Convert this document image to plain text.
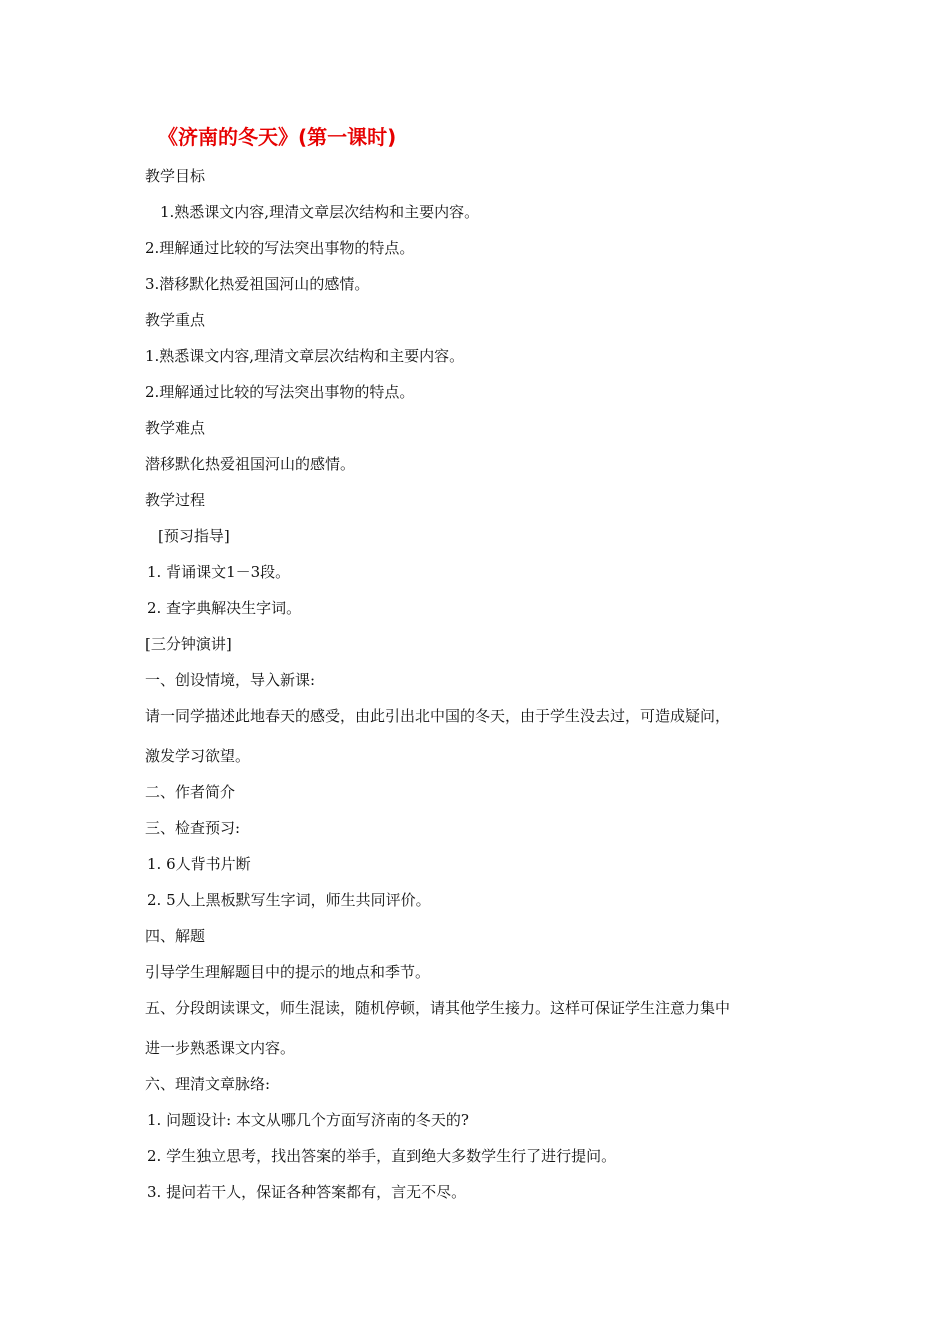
《济南的冬天》(第一课时)
教学目标
1.熟悉课文内容,理清文章层次结构和主要内容。
2.理解通过比较的写法突出事物的特点。
3.潜移默化热爱祖国河山的感情。
教学重点
1.熟悉课文内容,理清文章层次结构和主要内容。
2.理解通过比较的写法突出事物的特点。
教学难点
潜移默化热爱祖国河山的感情。
教学过程
[预习指导]
1. 背诵课文1－3段。
2. 查字典解决生字词。
[三分钟演讲]
一、创设情境，导入新课:
请一同学描述此地春天的感受，由此引出北中国的冬天，由于学生没去过，可造成疑问，
激发学习欲望。
二、作者简介
三、检查预习:
1. 6人背书片断
2. 5人上黑板默写生字词，师生共同评价。
四、解题
引导学生理解题目中的提示的地点和季节。
五、分段朗读课文，师生混读，随机停顿，请其他学生接力。这样可保证学生注意力集中
进一步熟悉课文内容。
六、理清文章脉络:
1. 问题设计: 本文从哪几个方面写济南的冬天的?
2. 学生独立思考，找出答案的举手，直到绝大多数学生行了进行提问。
3. 提问若干人，保证各种答案都有，言无不尽。
